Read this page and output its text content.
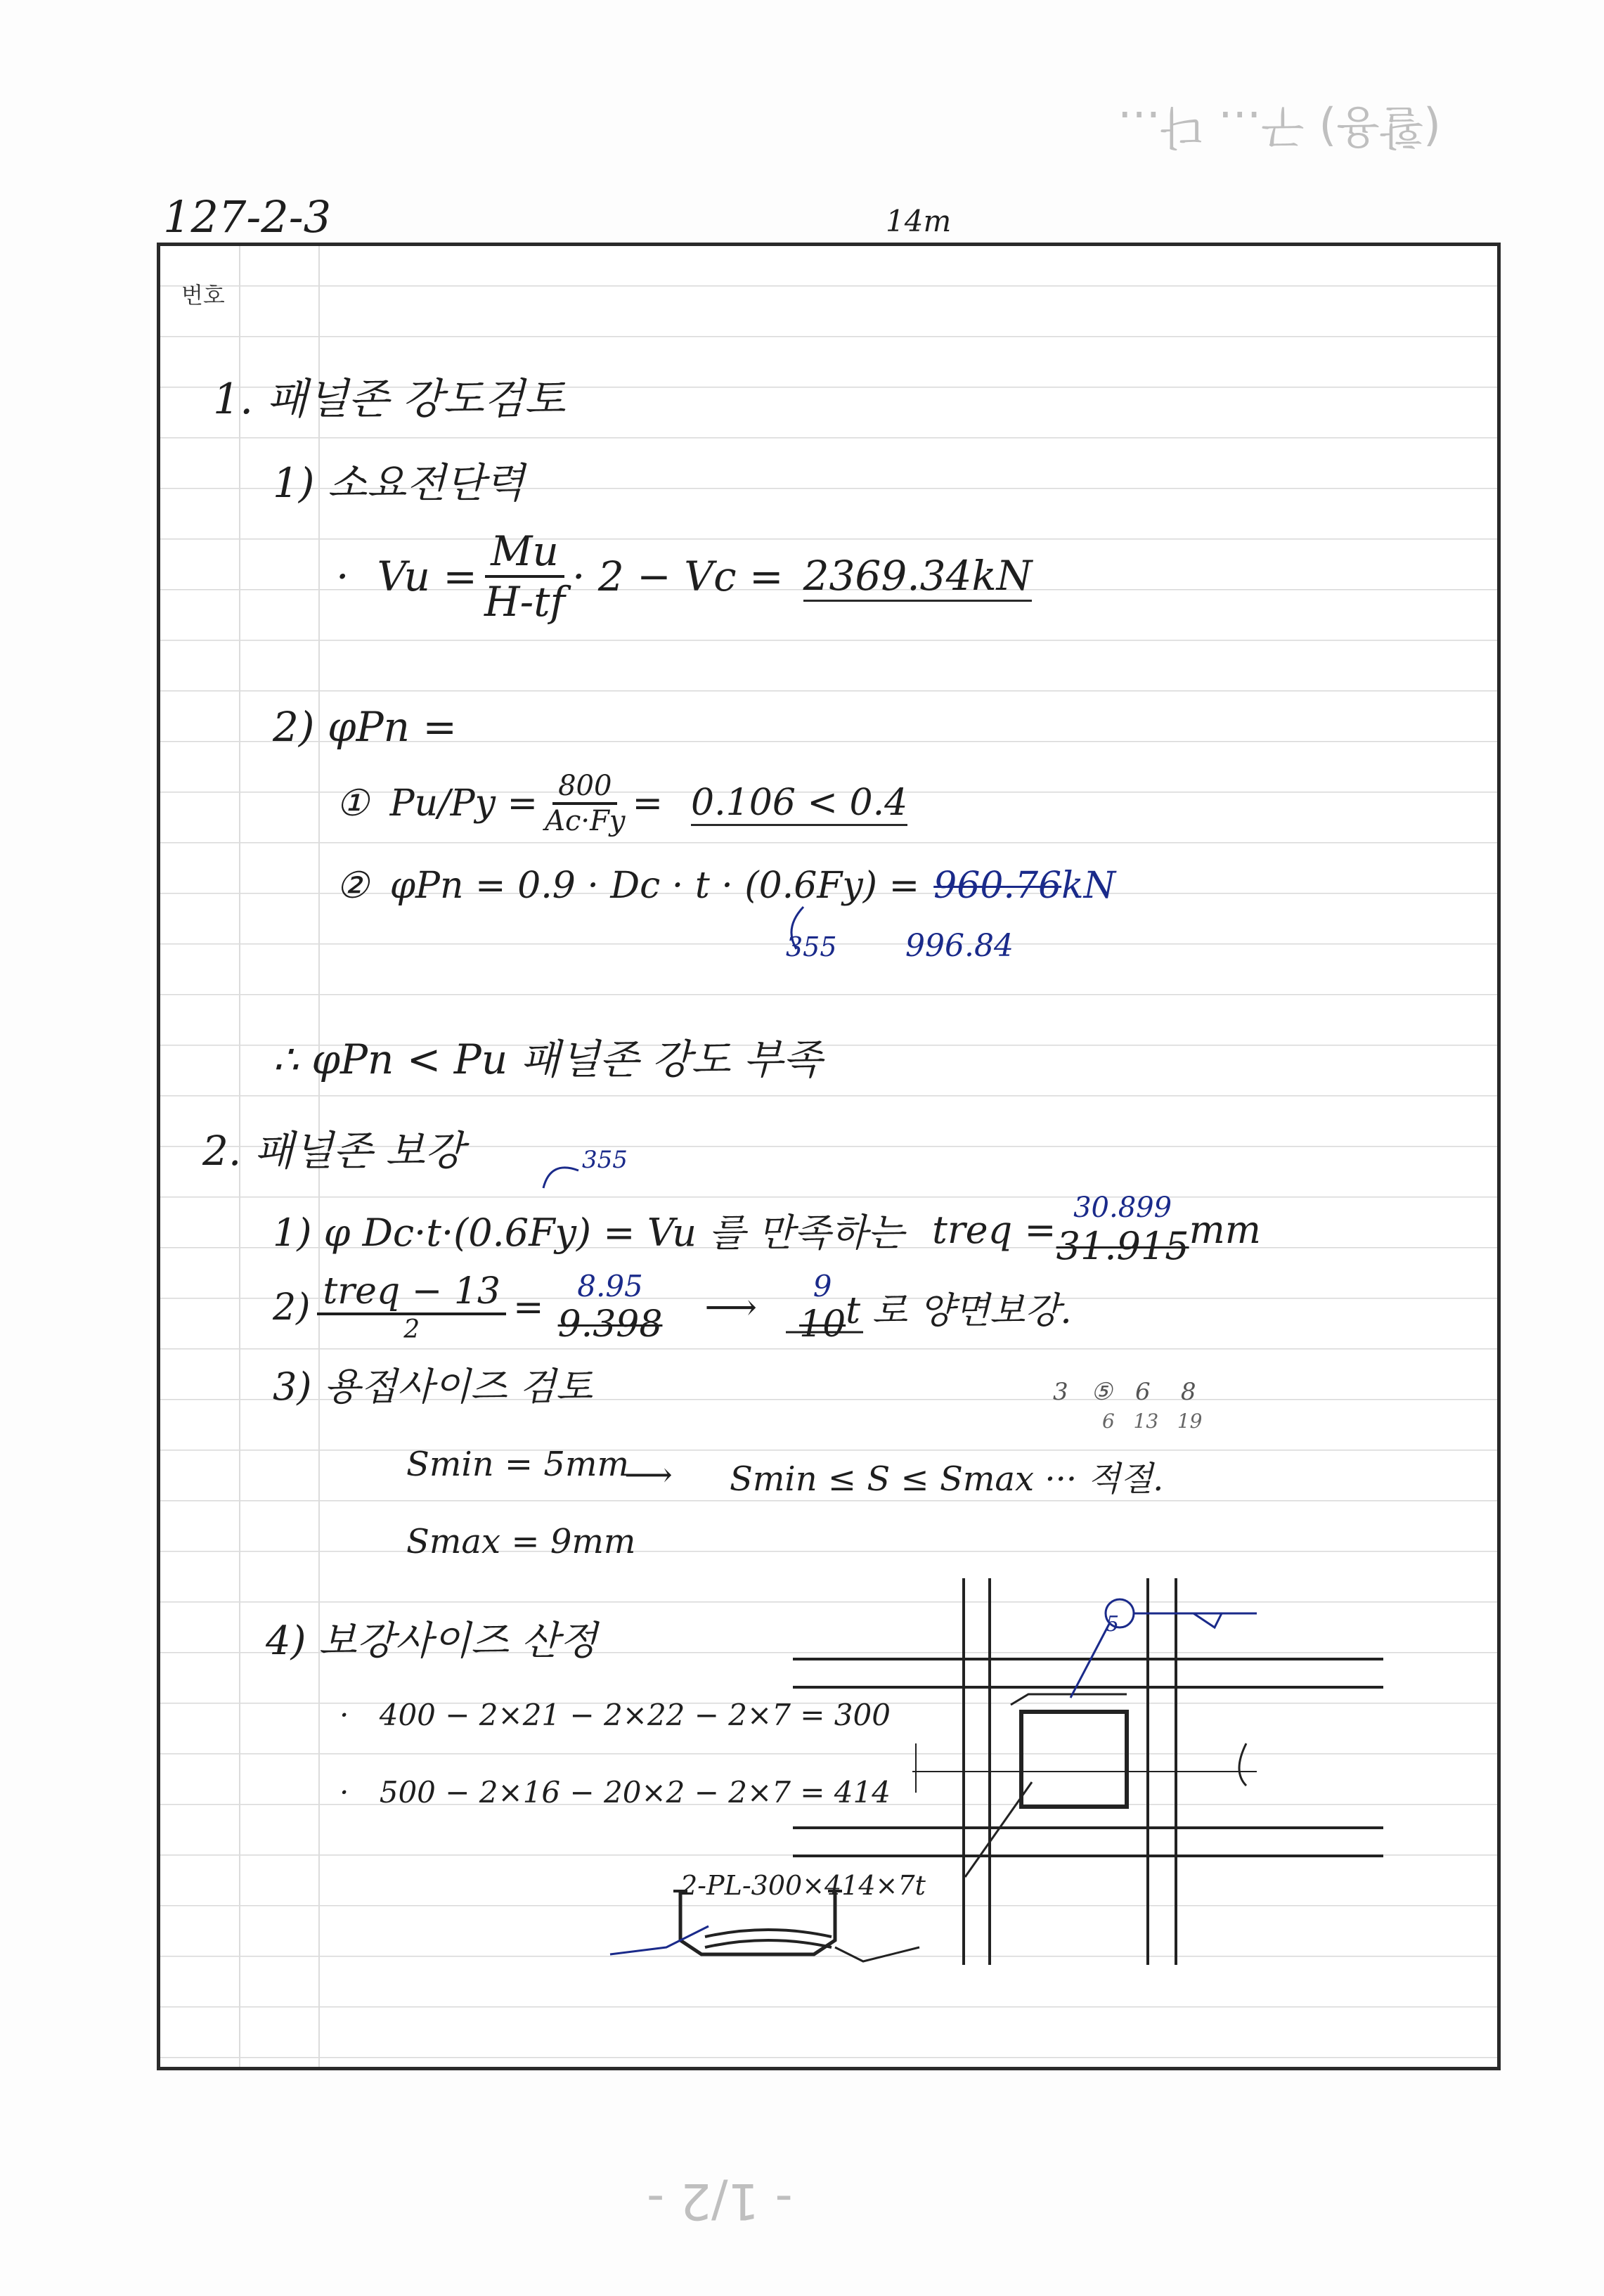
(활용) 구... 다...
127-2-3	14m
번호
1. 패널존 강도검토
1) 소요전단력
· $Vu = \frac{Mu}{H-tf} \cdot 2 - Vc = 2369.34kN$
2) φPn =
① $Pu/Py = \frac{800}{Ac\cdot Fy} = 0.106 < 0.4$
② φPn = 0.9 · Dc · t · (0.6Fy) = 960.76 kN
355 996.84
∴ φPn < Pu 패널존 강도 부족
2. 패널존 보강	355
1) φ Dc·t·(0.6Fy) = Vu 를 만족하는 treq = 30.899
31.915 mm
$2) \frac{\text{treq − 13}}{2} = 8.95$
9.398 ⟶ 9
10 t 로 양면보강.
3) 용접사이즈 검토	3   ⑤   6    8
6   13   19
Smin = 5mm
⟶ Smin ≤ S ≤ Smax ··· 적절.
Smax = 9mm
4) 보강사이즈 산정
· 400 − 2×21 − 2×22 − 2×7 = 300
· 500 − 2×16 − 20×2 − 2×7 = 414
2-PL-300×414×7t
5
- 1/2 -
